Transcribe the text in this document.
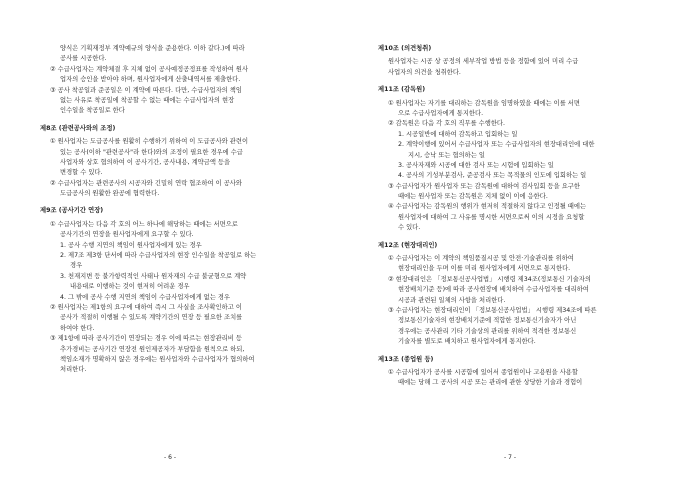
양식은 기획재정부 계약예규의 양식을 준용한다. 이하 같다.)에 따라
공사를 시공한다.
② 수급사업자는 계약체결 후 지체 없이 공사예정공정표를 작성하여 원사
업자의 승인을 받아야 하며, 원사업자에게 산출내역서를 제출한다.
③ 공사 착공일과 준공일은 이 계약에 따른다. 다만, 수급사업자의 책임
없는 사유로 착공일에 착공할 수 없는 때에는 수급사업자의 현장
인수일을 착공일로 한다
제8조 (관련공사와의 조정)
① 원사업자는 도급공사를 원활히 수행하기 위하여 이 도급공사와 관련이
있는 공사(이하 "관련공사"라 한다)와의 조정이 필요한 경우에 수급
사업자와 상호 협의하여 이 공사기간, 공사내용, 계약금액 등을
변경할 수 있다.
② 수급사업자는 관련공사의 시공자와 긴밀히 연락 협조하여 이 공사와
도급공사의 원활한 완공에 협력한다.
제9조 (공사기간 연장)
① 수급사업자는 다음 각 호의 어느 하나에 해당하는 때에는 서면으로
공사기간의 연장을 원사업자에게 요구할 수 있다.
1. 공사 수행 지연의 책임이 원사업자에게 있는 경우
2. 제7조 제3항 단서에 따라 수급사업자의 현장 인수일을 착공일로 하는
경우
3. 천재지변 등 불가항력적인 사태나 원자재의 수급 불균형으로 계약
내용대로 이행하는 것이 현저히 어려운 경우
4. 그 밖에 공사 수행 지연의 책임이 수급사업자에게 없는 경우
② 원사업자는 제1항의 요구에 대하여 즉시 그 사실을 조사확인하고 이
공사가 적절히 이행될 수 있도록 계약기간의 연장 등 필요한 조치를
하여야 한다.
③ 제1항에 따라 공사기간이 연장되는 경우 이에 따르는 현장관리비 등
추가경비는 공사기간 연장전 원인제공자가 부담함을 원칙으로 하되,
책임소재가 명확하지 않은 경우에는 원사업자와 수급사업자가 협의하여
처리한다.
- 6 -
제10조 (의견청취)
원사업자는 시공 상 공정의 세부작업 방법 등을 정함에 있어 미리 수급
사업자의 의견을 청취한다.
제11조 (감독원)
① 원사업자는 자기를 대리하는 감독원을 임명하였을 때에는 이를 서면
으로 수급사업자에게 통지한다.
② 감독원은 다음 각 호의 직무를 수행한다.
1. 시공일반에 대하여 감독하고 입회하는 일
2. 계약이행에 있어서 수급사업자 또는 수급사업자의 현장대리인에 대한
지시, 승낙 또는 협의하는 일
3. 공사자재와 시공에 대한 검사 또는 시험에 입회하는 일
4. 공사의 기성부분검사, 준공검사 또는 목적물의 인도에 입회하는 일
③ 수급사업자가 원사업자 또는 감독원에 대하여 검사입회 등을 요구한
때에는 원사업자 또는 감독원은 지체 없이 이에 응한다.
④ 수급사업자는 감독원의 행위가 현저히 적절하지 않다고 인정될 때에는
원사업자에 대하여 그 사유를 명시한 서면으로써 이의 시정을 요청할
수 있다.
제12조 (현장대리인)
① 수급사업자는 이 계약의 책임품질시공 및 안전·기술관리를 위하여
현장대리인을 두며 이를 미리 원사업자에게 서면으로 통지한다.
② 현장대리인은 「정보통신공사업법」 시행령 제34조(정보통신 기술자의
현장배치기준 등)에 따라 공사현장에 배치하여 수급사업자를 대리하여
시공과 관련된 일체의 사항을 처리한다.
③ 수급사업자는 현장대리인이 「정보통신공사업법」 시행령 제34조에 따른
정보통신기술자의 현장배치기준에 적합한 정보통신기술자가 아닌
경우에는 공사관리 기타 기술상의 관리를 위하여 적격한 정보통신
기술자를 별도로 배치하고 원사업자에게 통지한다.
제13조 (종업원 등)
① 수급사업자가 공사를 시공함에 있어서 종업원이나 고용원을 사용할
때에는 당해 그 공사의 시공 또는 관리에 관한 상당한 기술과 경험이
- 7 -
